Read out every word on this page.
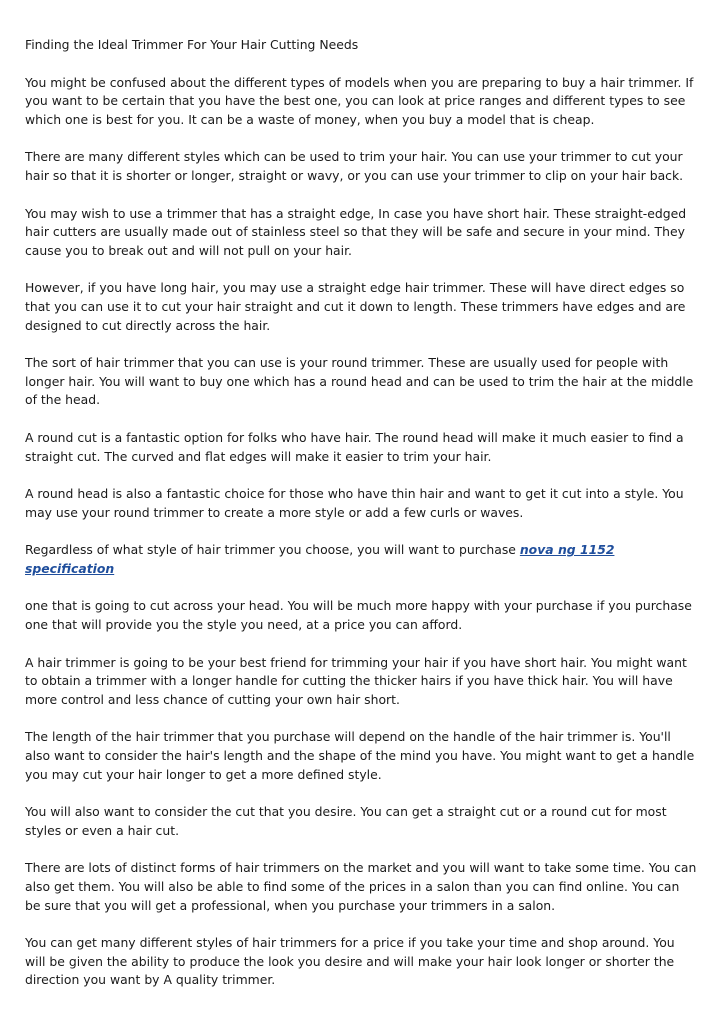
Finding the Ideal Trimmer For Your Hair Cutting Needs

You might be confused about the different types of models when you are preparing to buy a hair trimmer. If you want to be certain that you have the best one, you can look at price ranges and different types to see which one is best for you. It can be a waste of money, when you buy a model that is cheap.

There are many different styles which can be used to trim your hair. You can use your trimmer to cut your hair so that it is shorter or longer, straight or wavy, or you can use your trimmer to clip on your hair back.

You may wish to use a trimmer that has a straight edge, In case you have short hair. These straight-edged hair cutters are usually made out of stainless steel so that they will be safe and secure in your mind. They cause you to break out and will not pull on your hair.

However, if you have long hair, you may use a straight edge hair trimmer. These will have direct edges so that you can use it to cut your hair straight and cut it down to length. These trimmers have edges and are designed to cut directly across the hair.

The sort of hair trimmer that you can use is your round trimmer. These are usually used for people with longer hair. You will want to buy one which has a round head and can be used to trim the hair at the middle of the head.

A round cut is a fantastic option for folks who have hair. The round head will make it much easier to find a straight cut. The curved and flat edges will make it easier to trim your hair.

A round head is also a fantastic choice for those who have thin hair and want to get it cut into a style. You may use your round trimmer to create a more style or add a few curls or waves.

Regardless of what style of hair trimmer you choose, you will want to purchase nova ng 1152 specification

one that is going to cut across your head. You will be much more happy with your purchase if you purchase one that will provide you the style you need, at a price you can afford.

A hair trimmer is going to be your best friend for trimming your hair if you have short hair. You might want to obtain a trimmer with a longer handle for cutting the thicker hairs if you have thick hair. You will have more control and less chance of cutting your own hair short.

The length of the hair trimmer that you purchase will depend on the handle of the hair trimmer is. You'll also want to consider the hair's length and the shape of the mind you have. You might want to get a handle you may cut your hair longer to get a more defined style.

You will also want to consider the cut that you desire. You can get a straight cut or a round cut for most styles or even a hair cut.

There are lots of distinct forms of hair trimmers on the market and you will want to take some time. You can also get them. You will also be able to find some of the prices in a salon than you can find online. You can be sure that you will get a professional, when you purchase your trimmers in a salon.

You can get many different styles of hair trimmers for a price if you take your time and shop around. You will be given the ability to produce the look you desire and will make your hair look longer or shorter the direction you want by A quality trimmer.
